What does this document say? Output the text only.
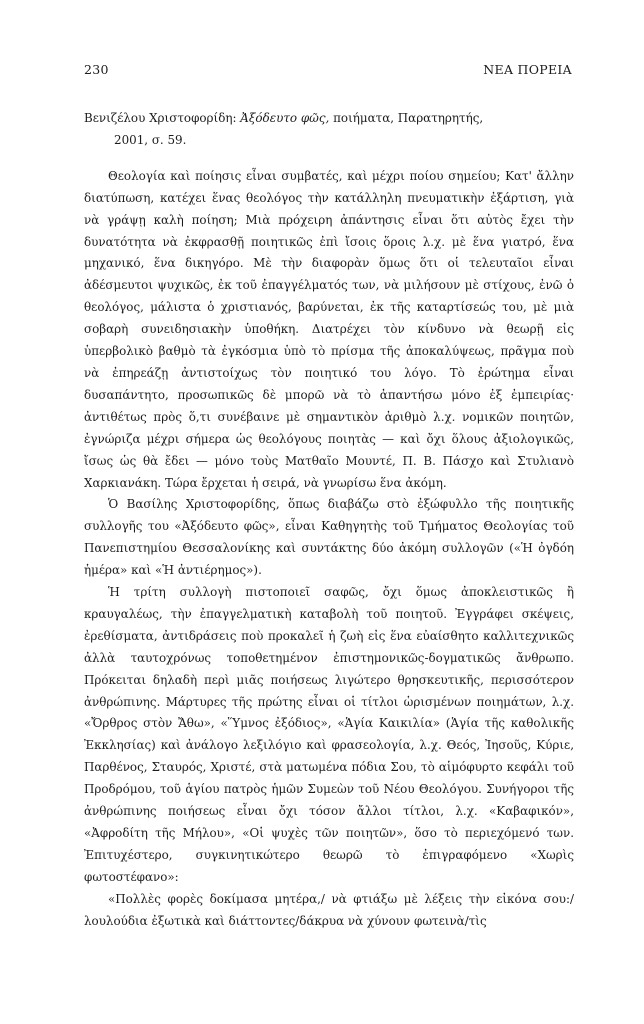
230	ΝΕΑ ΠΟΡΕΙΑ
Βενιζέλου Χριστοφορίδη: Ἀξόδευτο φῶς, ποιήματα, Παρατηρητής,
2001, σ. 59.

Θεολογία καὶ ποίησις εἶναι συμβατές, καὶ μέχρι ποίου σημείου; Κατ' ἄλλην διατύπωση, κατέχει ἕνας θεολόγος τὴν κατάλληλη πνευματικὴν ἐξάρτιση, γιὰ νὰ γράψῃ καλὴ ποίηση; Μιὰ πρόχειρη ἀπάντησις εἶναι ὅτι αὐτὸς ἔχει τὴν δυνατότητα νὰ ἐκφρασθῇ ποιητικῶς ἐπὶ ἴσοις ὅροις λ.χ. μὲ ἕνα γιατρό, ἕνα μηχανικό, ἕνα δικηγόρο. Μὲ τὴν διαφορὰν ὅμως ὅτι οἱ τελευταῖοι εἶναι ἀδέσμευτοι ψυχικῶς, ἐκ τοῦ ἐπαγγέλματός των, νὰ μιλήσουν μὲ στίχους, ἐνῶ ὁ θεολόγος, μάλιστα ὁ χριστιανός, βαρύνεται, ἐκ τῆς καταρτίσεώς του, μὲ μιὰ σοβαρὴ συνειδησιακὴν ὑποθήκη. Διατρέχει τὸν κίνδυνο νὰ θεωρῇ εἰς ὑπερβολικὸ βαθμὸ τὰ ἐγκόσμια ὑπὸ τὸ πρίσμα τῆς ἀποκαλύψεως, πρᾶγμα ποὺ νὰ ἐπηρεάζῃ ἀντιστοίχως τὸν ποιητικό του λόγο. Τὸ ἐρώτημα εἶναι δυσαπάντητο, προσωπικῶς δὲ μπορῶ νὰ τὸ ἀπαντήσω μόνο ἐξ ἐμπειρίας· ἀντιθέτως πρὸς ὅ,τι συνέβαινε μὲ σημαντικὸν ἀριθμὸ λ.χ. νομικῶν ποιητῶν, ἐγνώριζα μέχρι σήμερα ὡς θεολόγους ποιητὰς — καὶ ὄχι ὅλους ἀξιολογικῶς, ἴσως ὡς θὰ ἔδει — μόνο τοὺς Ματθαῖο Μουντέ, Π. Β. Πάσχο καὶ Στυλιανὸ Χαρκιανάκη. Τώρα ἔρχεται ἡ σειρά, νὰ γνωρίσω ἕνα ἀκόμη.

Ὁ Βασίλης Χριστοφορίδης, ὅπως διαβάζω στὸ ἐξώφυλλο τῆς ποιητικῆς συλλογῆς του «Ἀξόδευτο φῶς», εἶναι Καθηγητὴς τοῦ Τμήματος Θεολογίας τοῦ Πανεπιστημίου Θεσσαλονίκης καὶ συντάκτης δύο ἀκόμη συλλογῶν («Ἡ ὀγδόη ἡμέρα» καὶ «Ἡ ἀντιέρημος»).

Ἡ τρίτη συλλογὴ πιστοποιεῖ σαφῶς, ὄχι ὅμως ἀποκλειστικῶς ἢ κραυγαλέως, τὴν ἐπαγγελματικὴ καταβολὴ τοῦ ποιητοῦ. Ἐγγράφει σκέψεις, ἐρεθίσματα, ἀντιδράσεις ποὺ προκαλεῖ ἡ ζωὴ εἰς ἕνα εὐαίσθητο καλλιτεχνικῶς ἀλλὰ ταυτοχρόνως τοποθετημένον ἐπιστημονικῶς-δογματικῶς ἄνθρωπο. Πρόκειται δηλαδὴ περὶ μιᾶς ποιήσεως λιγώτερο θρησκευτικῆς, περισσότερον ἀνθρώπινης. Μάρτυρες τῆς πρώτης εἶναι οἱ τίτλοι ὡρισμένων ποιημάτων, λ.χ. «Ὄρθρος στὸν Ἄθω», «Ὕμνος ἐξόδιος», «Ἁγία Καικιλία» (Ἁγία τῆς καθολικῆς Ἐκκλησίας) καὶ ἀνάλογο λεξιλόγιο καὶ φρασεολογία, λ.χ. Θεός, Ἰησοῦς, Κύριε, Παρθένος, Σταυρός, Χριστέ, στὰ ματωμένα πόδια Σου, τὸ αἱμόφυρτο κεφάλι τοῦ Προδρόμου, τοῦ ἁγίου πατρὸς ἡμῶν Συμεὼν τοῦ Νέου Θεολόγου. Συνήγοροι τῆς ἀνθρώπινης ποιήσεως εἶναι ὄχι τόσον ἄλλοι τίτλοι, λ.χ. «Καβαφικόν», «Ἀφροδίτη τῆς Μήλου», «Οἱ ψυχὲς τῶν ποιητῶν», ὅσο τὸ περιεχόμενό των. Ἐπιτυχέστερο, συγκινητικώτερο θεωρῶ τὸ ἐπιγραφόμενο «Χωρὶς φωτοστέφανο»:

«Πολλὲς φορὲς δοκίμασα μητέρα,/ νὰ φτιάξω μὲ λέξεις τὴν εἰκόνα σου:/λουλούδια ἐξωτικὰ καὶ διάττοντες/δάκρυα νὰ χύνουν φωτεινὰ/τὶς
